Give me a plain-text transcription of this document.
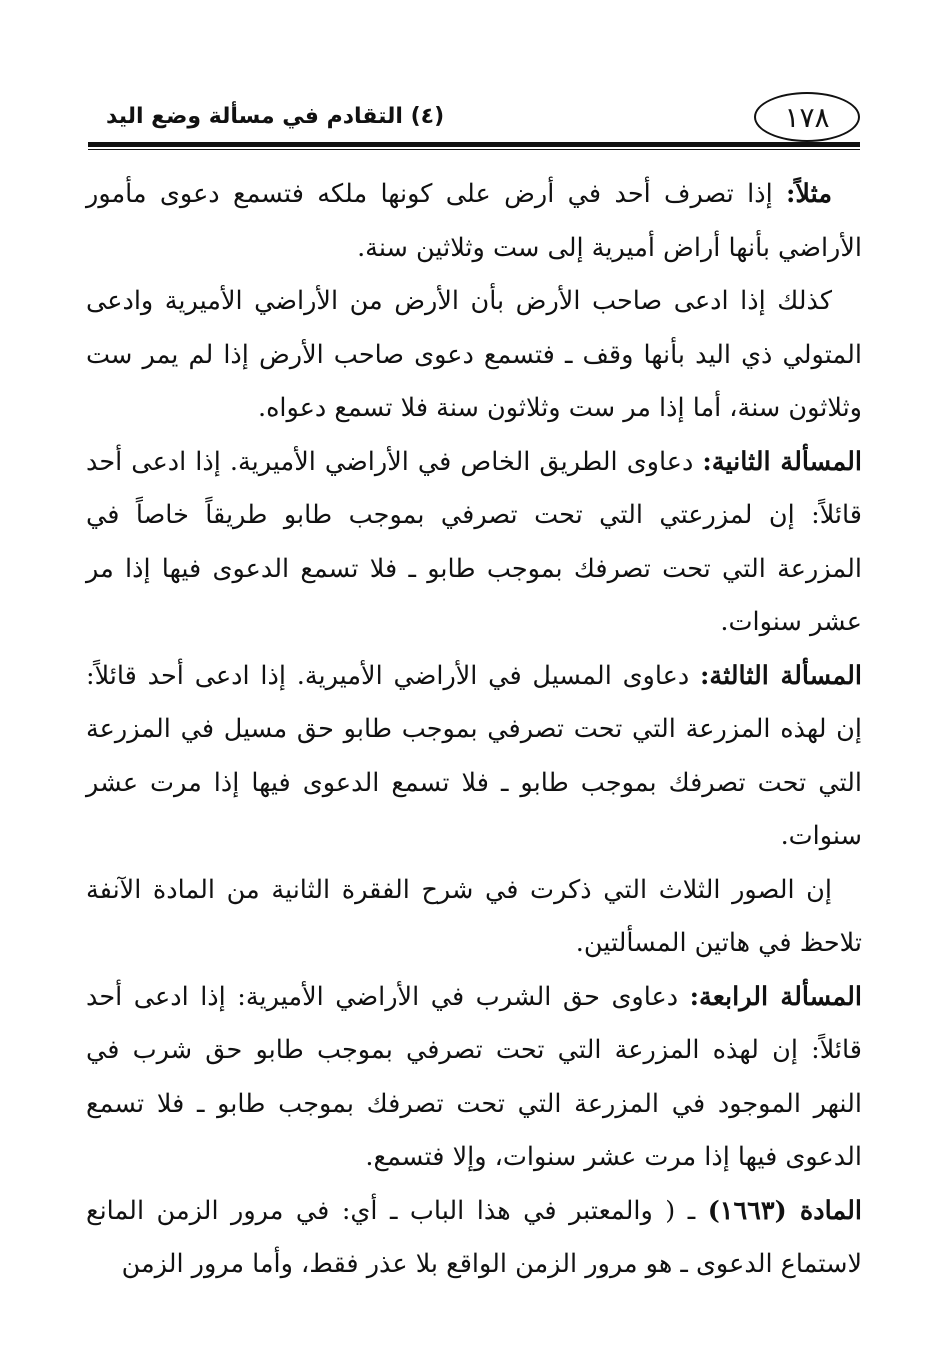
١٧٨
(٤) التقادم في مسألة وضع اليد

مثلاً: إذا تصرف أحد في أرض على كونها ملكه فتسمع دعوى مأمور الأراضي بأنها أراض أميرية إلى ست وثلاثين سنة.

كذلك إذا ادعى صاحب الأرض بأن الأرض من الأراضي الأميرية وادعى المتولي ذي اليد بأنها وقف ـ فتسمع دعوى صاحب الأرض إذا لم يمر ست وثلاثون سنة، أما إذا مر ست وثلاثون سنة فلا تسمع دعواه.

المسألة الثانية: دعاوى الطريق الخاص في الأراضي الأميرية. إذا ادعى أحد قائلاً: إن لمزرعتي التي تحت تصرفي بموجب طابو طريقاً خاصاً في المزرعة التي تحت تصرفك بموجب طابو ـ فلا تسمع الدعوى فيها إذا مر عشر سنوات.

المسألة الثالثة: دعاوى المسيل في الأراضي الأميرية. إذا ادعى أحد قائلاً: إن لهذه المزرعة التي تحت تصرفي بموجب طابو حق مسيل في المزرعة التي تحت تصرفك بموجب طابو ـ فلا تسمع الدعوى فيها إذا مرت عشر سنوات.

إن الصور الثلاث التي ذكرت في شرح الفقرة الثانية من المادة الآنفة تلاحظ في هاتين المسألتين.

المسألة الرابعة: دعاوى حق الشرب في الأراضي الأميرية: إذا ادعى أحد قائلاً: إن لهذه المزرعة التي تحت تصرفي بموجب طابو حق شرب في النهر الموجود في المزرعة التي تحت تصرفك بموجب طابو ـ فلا تسمع الدعوى فيها إذا مرت عشر سنوات، وإلا فتسمع.

المادة (١٦٦٣) ـ ( والمعتبر في هذا الباب ـ أي: في مرور الزمن المانع لاستماع الدعوى ـ هو مرور الزمن الواقع بلا عذر فقط، وأما مرور الزمن
